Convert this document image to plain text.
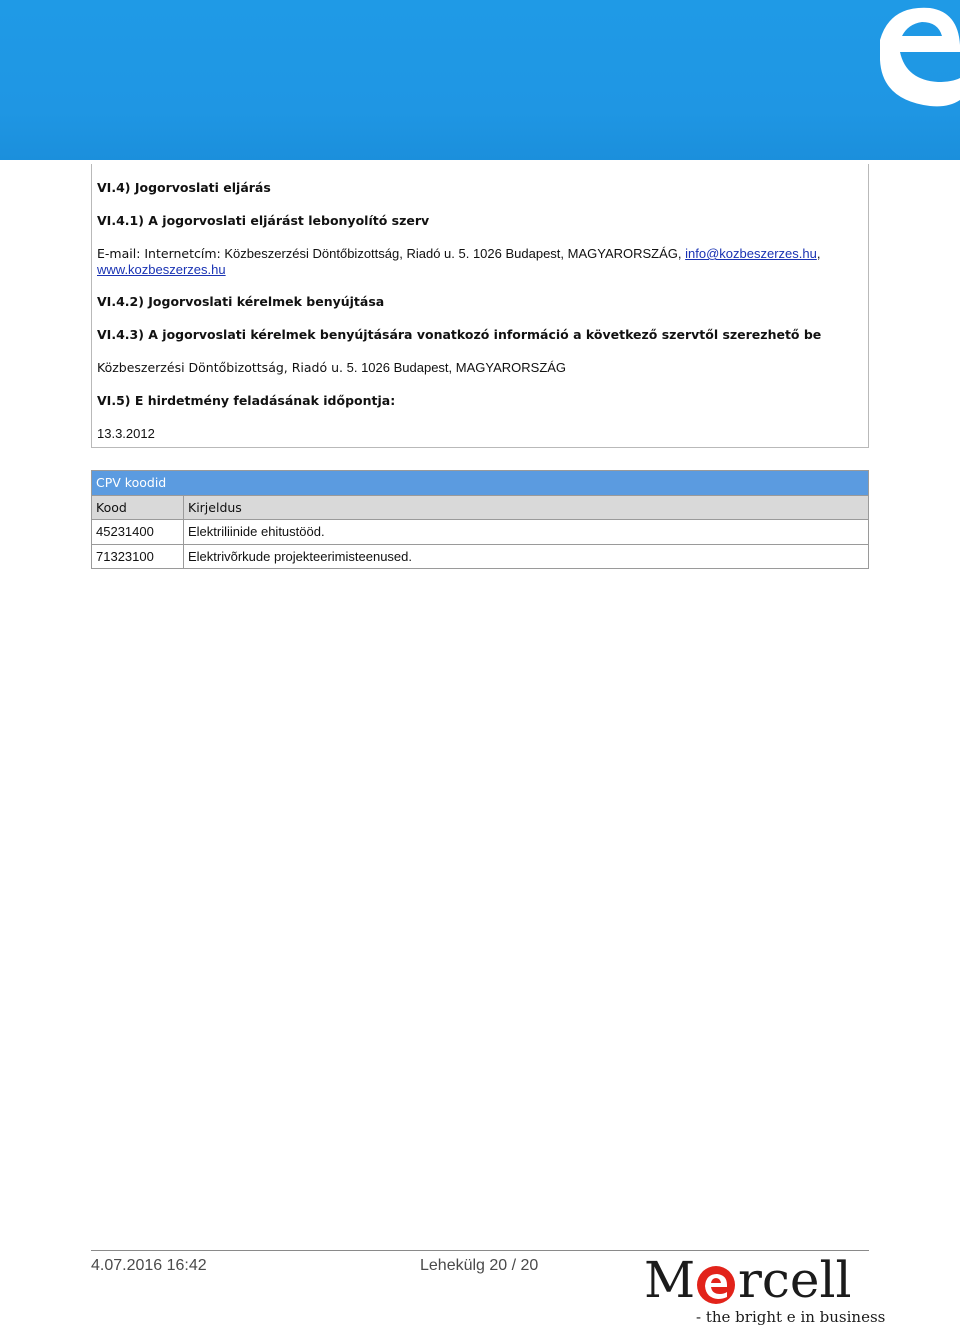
VI.4) Jogorvoslati eljárás
VI.4.1) A jogorvoslati eljárást lebonyolító szerv
E-mail: Internetcím: Közbeszerzési Döntőbizottság, Riadó u. 5. 1026 Budapest, MAGYARORSZÁG, info@kozbeszerzes.hu,
www.kozbeszerzes.hu
VI.4.2) Jogorvoslati kérelmek benyújtása
VI.4.3) A jogorvoslati kérelmek benyújtására vonatkozó információ a következő szervtől szerezhető be
Közbeszerzési Döntőbizottság, Riadó u. 5. 1026 Budapest, MAGYARORSZÁG
VI.5) E hirdetmény feladásának időpontja:
13.3.2012
CPV koodid	
Kood	Kirjeldus
45231400	Elektriliinide ehitustööd.
71323100	Elektrivõrkude projekteerimisteenused.
4.07.2016 16:42	Lehekülg 20 / 20 M rcell
- the bright e in business
